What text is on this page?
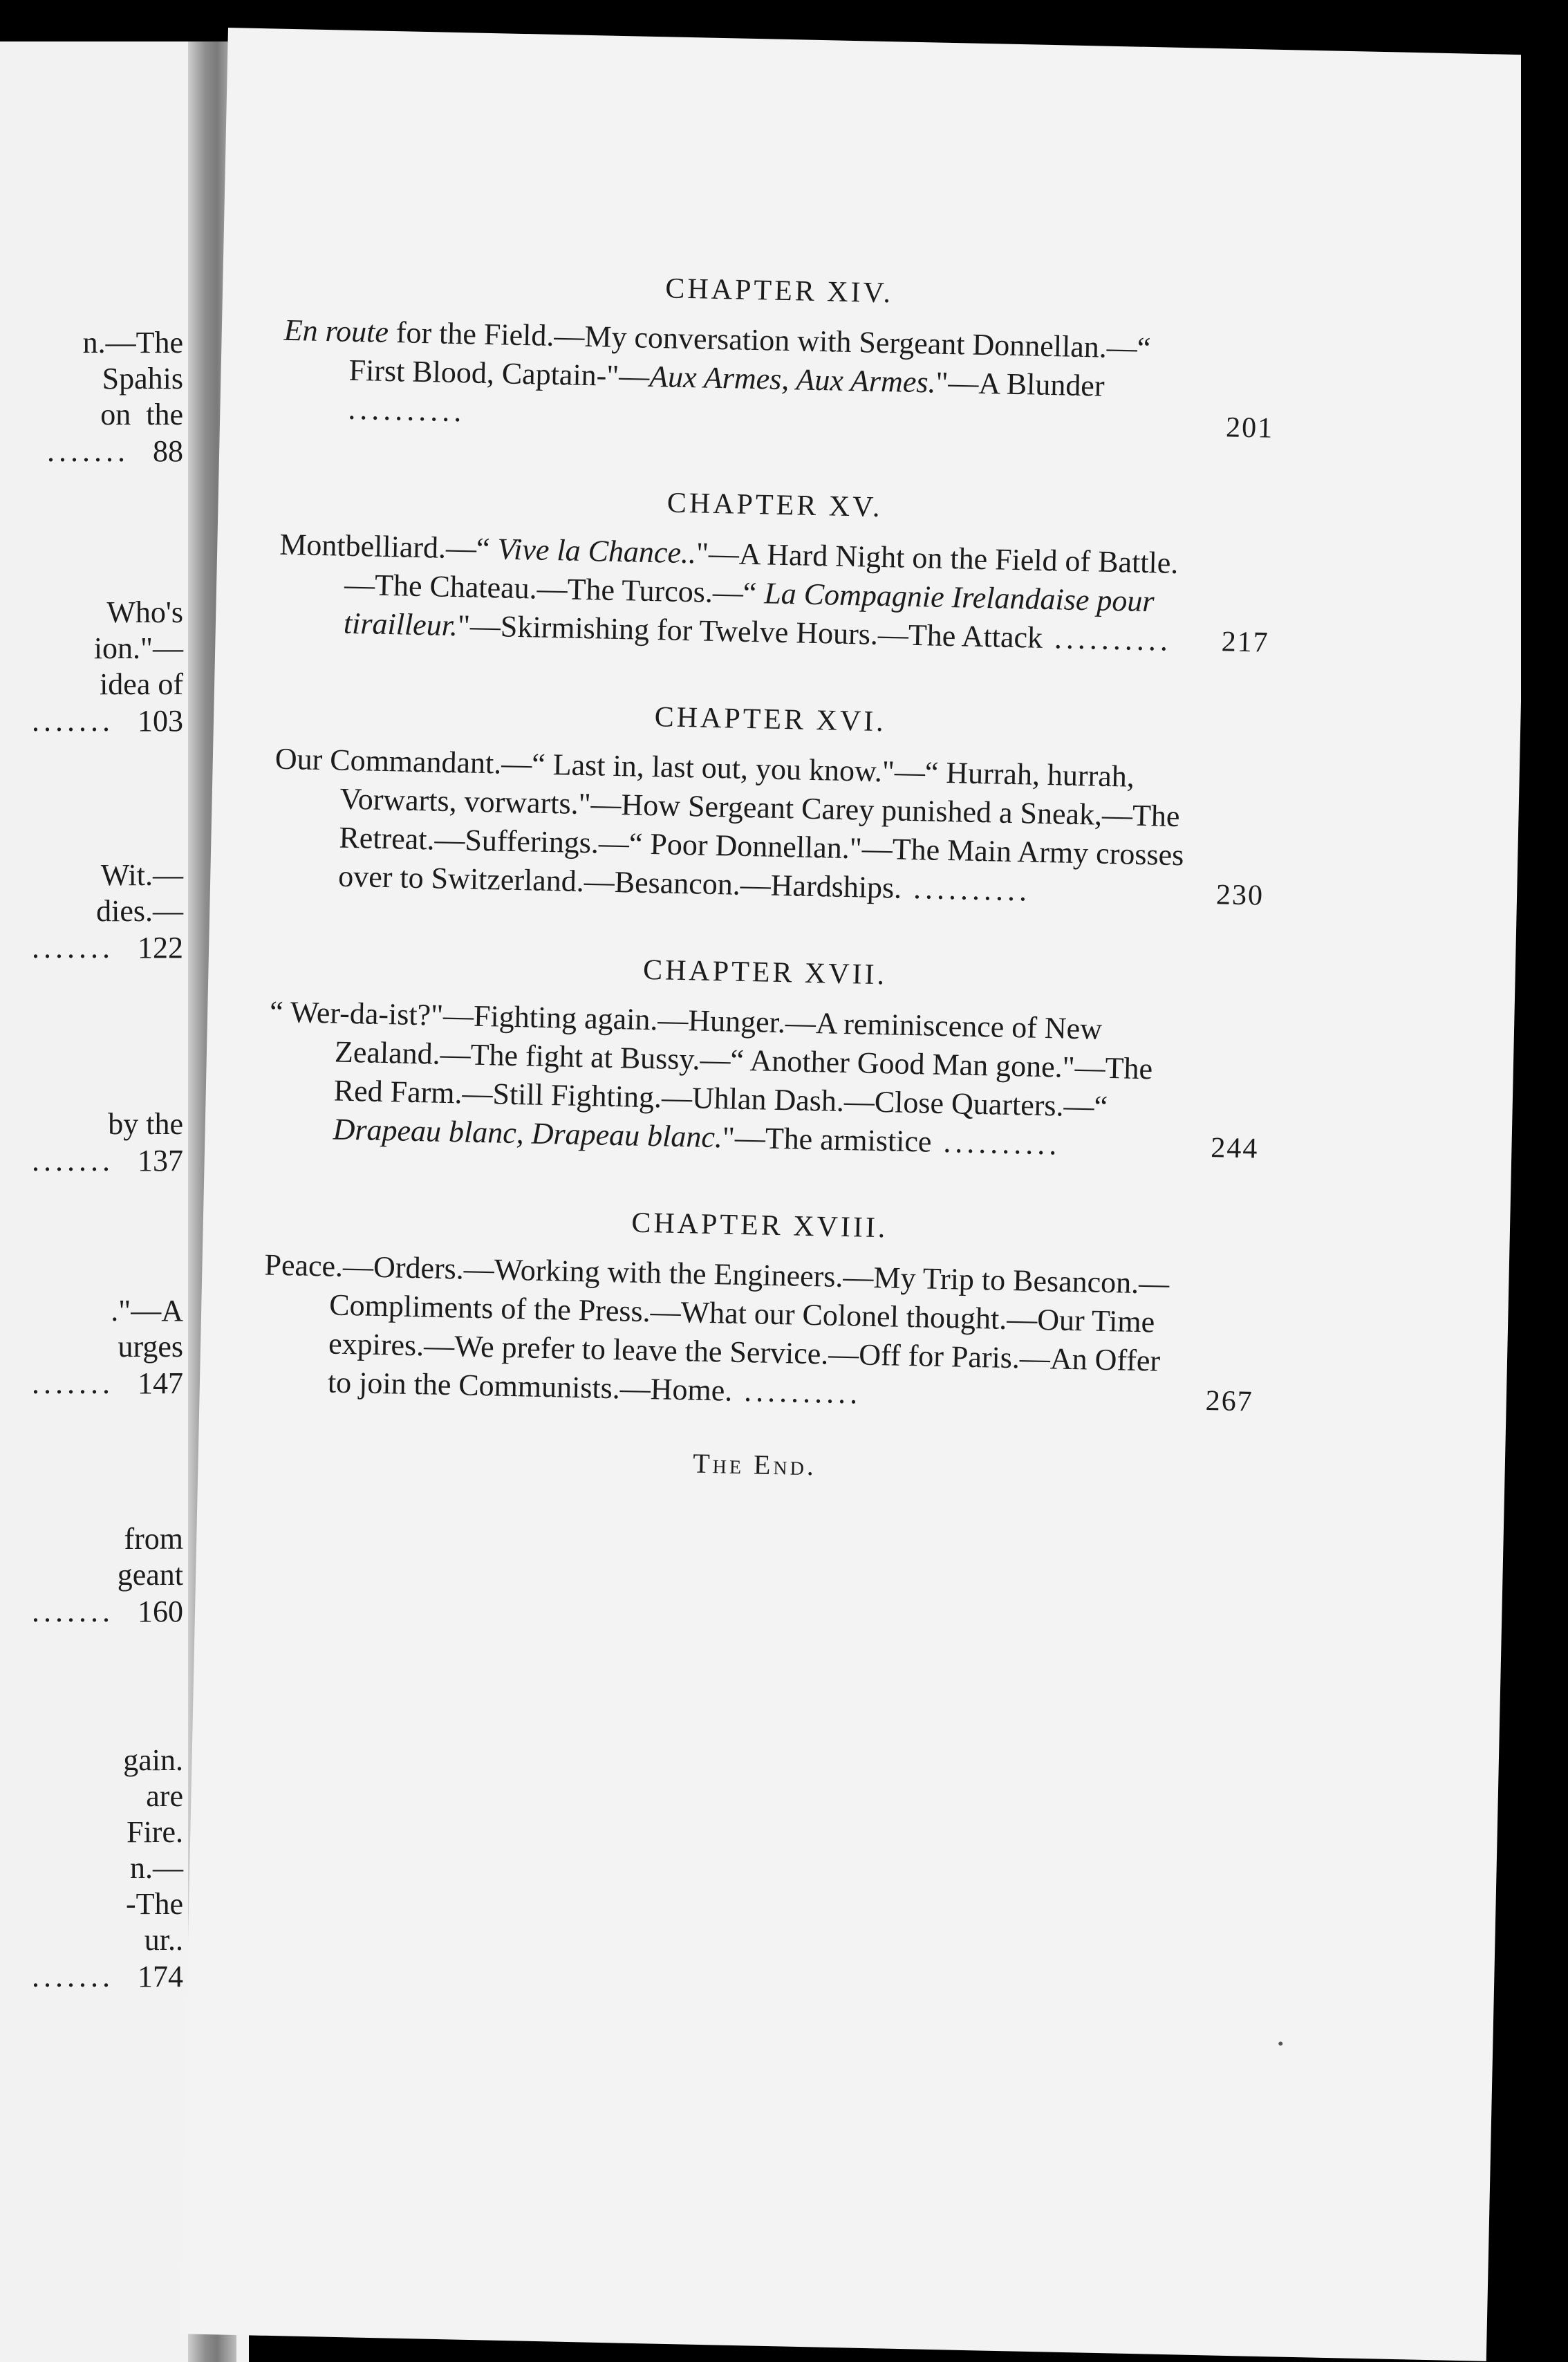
n.—The
Spahis
on  the
.......  88
Who's
ion."—
idea of
.......  103
Wit.—
dies.—
.......  122
by the
.......  137
."—A
urges
.......  147
from
geant
.......  160
gain.
are
Fire.
n.—
-The
ur..
.......  174
CHAPTER XIV.
En route for the Field.—My conversation with Sergeant Donnellan.—“ First Blood, Captain-"—Aux Armes, Aux Armes."—A Blunder ..........	201
CHAPTER XV.
Montbelliard.—“ Vive la Chance.."—A Hard Night on the Field of Battle.—The Chateau.—The Turcos.—“ La Compagnie Irelandaise pour tirailleur."—Skirmishing for Twelve Hours.—The Attack .......... 217
CHAPTER XVI.
Our Commandant.—“ Last in, last out, you know."—“ Hurrah, hurrah, Vorwarts, vorwarts."—How Sergeant Carey punished a Sneak,—The Retreat.—Sufferings.—“ Poor Donnellan."—The Main Army crosses over to Switzerland.—Besancon.—Hardships. ..........	230
CHAPTER XVII.
“ Wer-da-ist?"—Fighting again.—Hunger.—A reminiscence of New Zealand.—The fight at Bussy.—“ Another Good Man gone."—The Red Farm.—Still Fighting.—Uhlan Dash.—Close Quarters.—“ Drapeau blanc, Drapeau blanc."—The armistice ..........	244
CHAPTER XVIII.
Peace.—Orders.—Working with the Engineers.—My Trip to Besancon.—Compliments of the Press.—What our Colonel thought.—Our Time expires.—We prefer to leave the Service.—Off for Paris.—An Offer to join the Communists.—Home. ..........	267
The End.
